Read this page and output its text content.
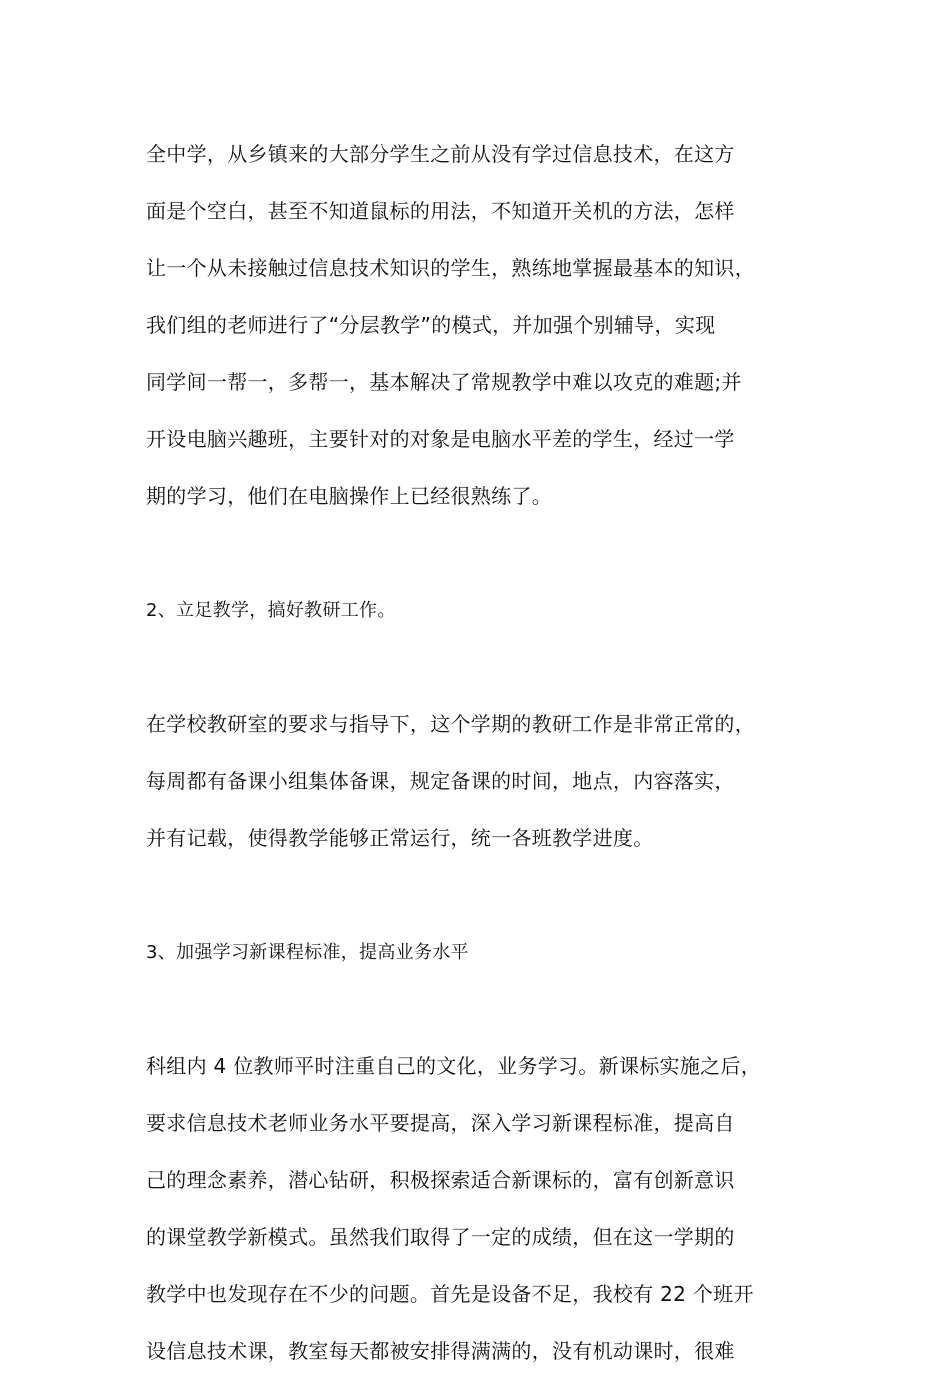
全中学，从乡镇来的大部分学生之前从没有学过信息技术，在这方
面是个空白，甚至不知道鼠标的用法，不知道开关机的方法，怎样
让一个从未接触过信息技术知识的学生，熟练地掌握最基本的知识，
我们组的老师进行了“分层教学”的模式，并加强个别辅导，实现
同学间一帮一，多帮一，基本解决了常规教学中难以攻克的难题;并
开设电脑兴趣班，主要针对的对象是电脑水平差的学生，经过一学
期的学习，他们在电脑操作上已经很熟练了。

2、立足教学，搞好教研工作。

在学校教研室的要求与指导下，这个学期的教研工作是非常正常的，
每周都有备课小组集体备课，规定备课的时间，地点，内容落实，
并有记载，使得教学能够正常运行，统一各班教学进度。

3、加强学习新课程标准，提高业务水平

科组内 4 位教师平时注重自己的文化，业务学习。新课标实施之后，
要求信息技术老师业务水平要提高，深入学习新课程标准，提高自
己的理念素养，潜心钻研，积极探索适合新课标的，富有创新意识
的课堂教学新模式。虽然我们取得了一定的成绩，但在这一学期的
教学中也发现存在不少的问题。首先是设备不足，我校有 22 个班开
设信息技术课，教室每天都被安排得满满的，没有机动课时，很难
